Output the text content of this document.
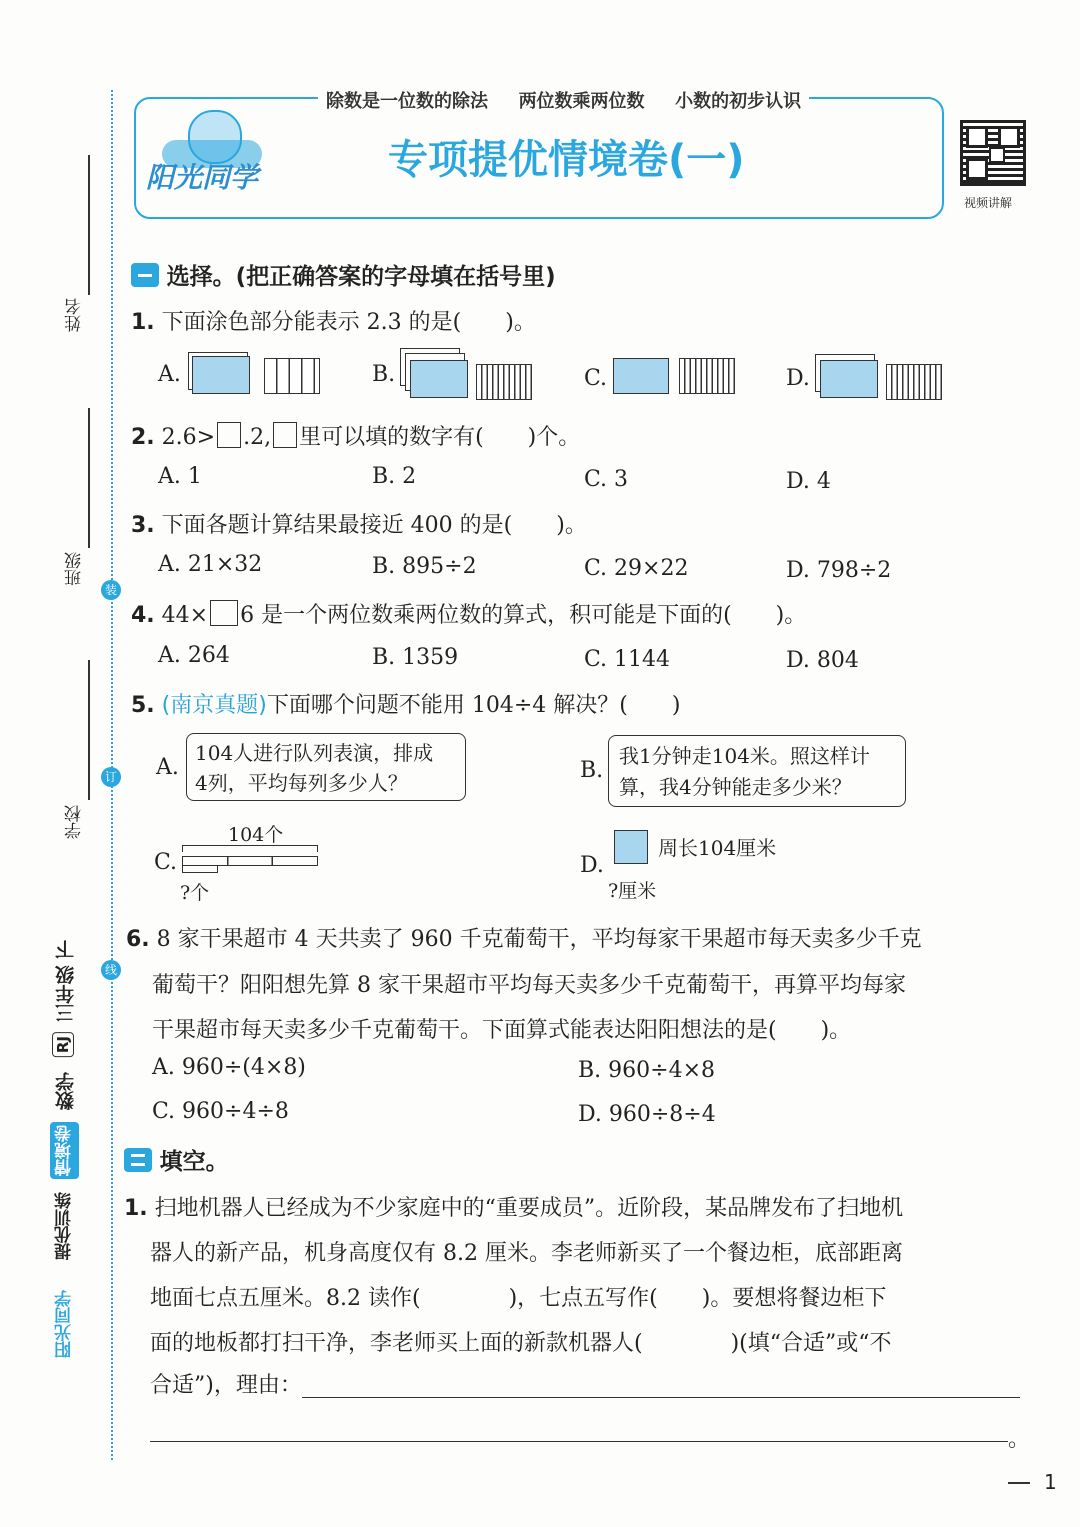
姓名
班级
学校
装
订
线
三年级 下
RJ
数学
情境卷
提优训练
阳光同学
除数是一位数的除法 两位数乘两位数 小数的初步认识
阳光同学	专项提优情境卷(一)
视频讲解
选择。(把正确答案的字母填在括号里)
1. 下面涂色部分能表示 2.3 的是(　　)。
A.	B.	C.	D.
2. 2.6> .2, 里可以填的数字有(　　)个。
A. 1	B. 2	C. 3	D. 4
3. 下面各题计算结果最接近 400 的是(　　)。
A. 21×32	B. 895÷2	C. 29×22	D. 798÷2
4. 44× 6 是一个两位数乘两位数的算式，积可能是下面的(　　)。
A. 264	B. 1359	C. 1144	D. 804
5. (南京真题)下面哪个问题不能用 104÷4 解决？(　　)
A.
104人进行队列表演，排成
4列，平均每列多少人？	B.
我1分钟走104米。照这样计
算，我4分钟能走多少米？
C.
104个
?个
D.
周长104厘米
?厘米
6. 8 家干果超市 4 天共卖了 960 千克葡萄干，平均每家干果超市每天卖多少千克
葡萄干？阳阳想先算 8 家干果超市平均每天卖多少千克葡萄干，再算平均每家
干果超市每天卖多少千克葡萄干。下面算式能表达阳阳想法的是(　　)。
A. 960÷(4×8)	B. 960÷4×8
C. 960÷4÷8	D. 960÷8÷4
填空。
1. 扫地机器人已经成为不少家庭中的“重要成员”。近阶段，某品牌发布了扫地机
器人的新产品，机身高度仅有 8.2 厘米。李老师新买了一个餐边柜，底部距离
地面七点五厘米。8.2 读作(　　　　)，七点五写作(　　)。要想将餐边柜下
面的地板都打扫干净，李老师买上面的新款机器人(　　　　)(填“合适”或“不
合适”)，理由：
。
1
